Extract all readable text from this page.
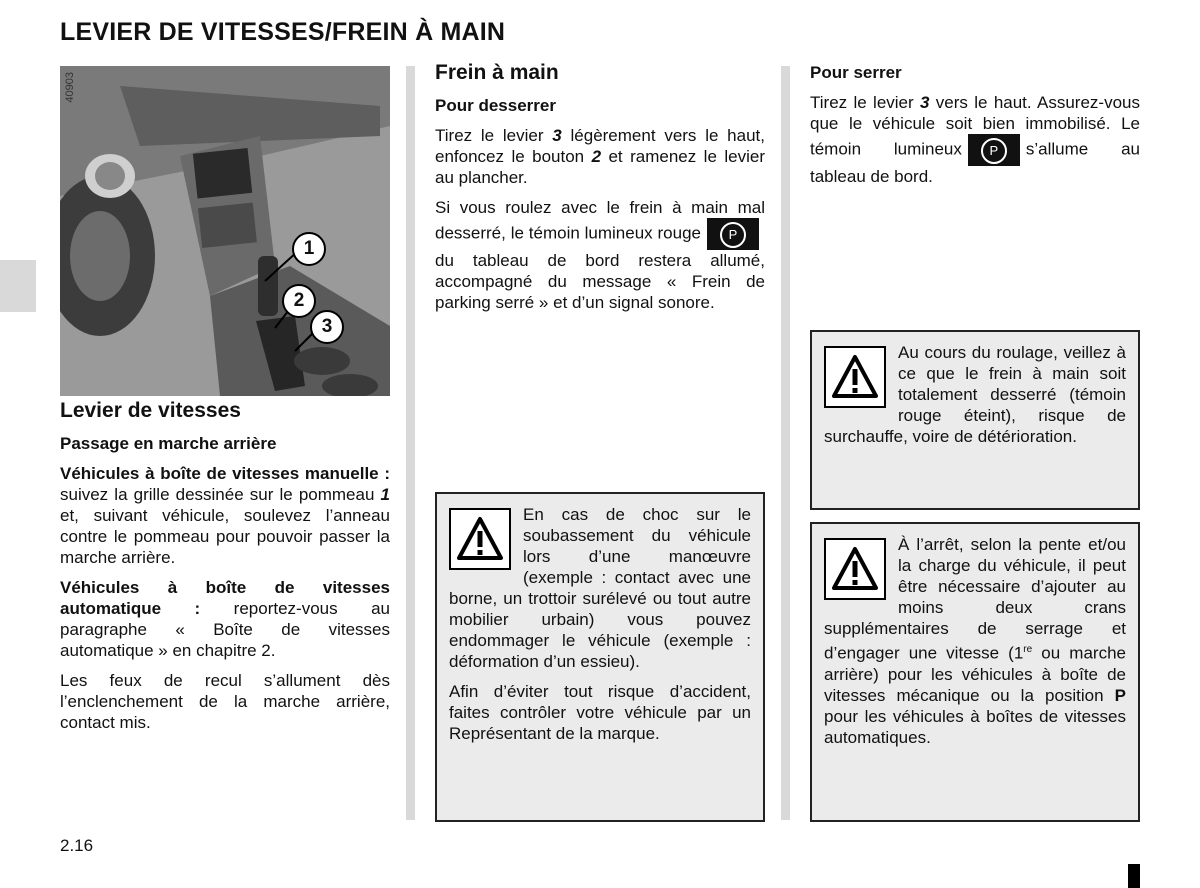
LEVIER DE VITESSES/FREIN À MAIN
1
2
3
40903
Levier de vitesses
Passage en marche arrière

Véhicules à boîte de vitesses manuelle : suivez la grille dessinée sur le pommeau 1 et, suivant véhicule, soulevez l’anneau contre le pommeau pour pouvoir passer la marche arrière.

Véhicules à boîte de vitesses automatique : reportez-vous au paragraphe « Boîte de vitesses automatique » en chapitre 2.

Les feux de recul s’allument dès l’enclenchement de la marche arrière, contact mis.

Frein à main
Pour desserrer

Tirez le levier 3 légèrement vers le haut, enfoncez le bouton 2 et ramenez le levier au plancher.

Si vous roulez avec le frein à main mal desserré, le témoin lumineux rouge Pdu tableau de bord restera allumé, accompagné du message « Frein de parking serré » et d’un signal sonore.

En cas de choc sur le soubassement du véhicule lors d’une manœuvre (exemple : contact avec une borne, un trottoir surélevé ou tout autre mobilier urbain) vous pouvez endommager le véhicule (exemple : déformation d’un essieu).

Afin d’éviter tout risque d’accident, faites contrôler votre véhicule par un Représentant de la marque.

Pour serrer

Tirez le levier 3 vers le haut. Assurez-vous que le véhicule soit bien immobilisé. Le témoin lumineux P s’allume au tableau de bord.

Au cours du roulage, veillez à ce que le frein à main soit totalement desserré (témoin rouge éteint), risque de surchauffe, voire de détérioration.

À l’arrêt, selon la pente et/ou la charge du véhicule, il peut être nécessaire d’ajouter au moins deux crans supplémentaires de serrage et d’engager une vitesse (1re ou marche arrière) pour les véhicules à boîte de vitesses mécanique ou la position P pour les véhicules à boîtes de vitesses automatiques.

2.16
